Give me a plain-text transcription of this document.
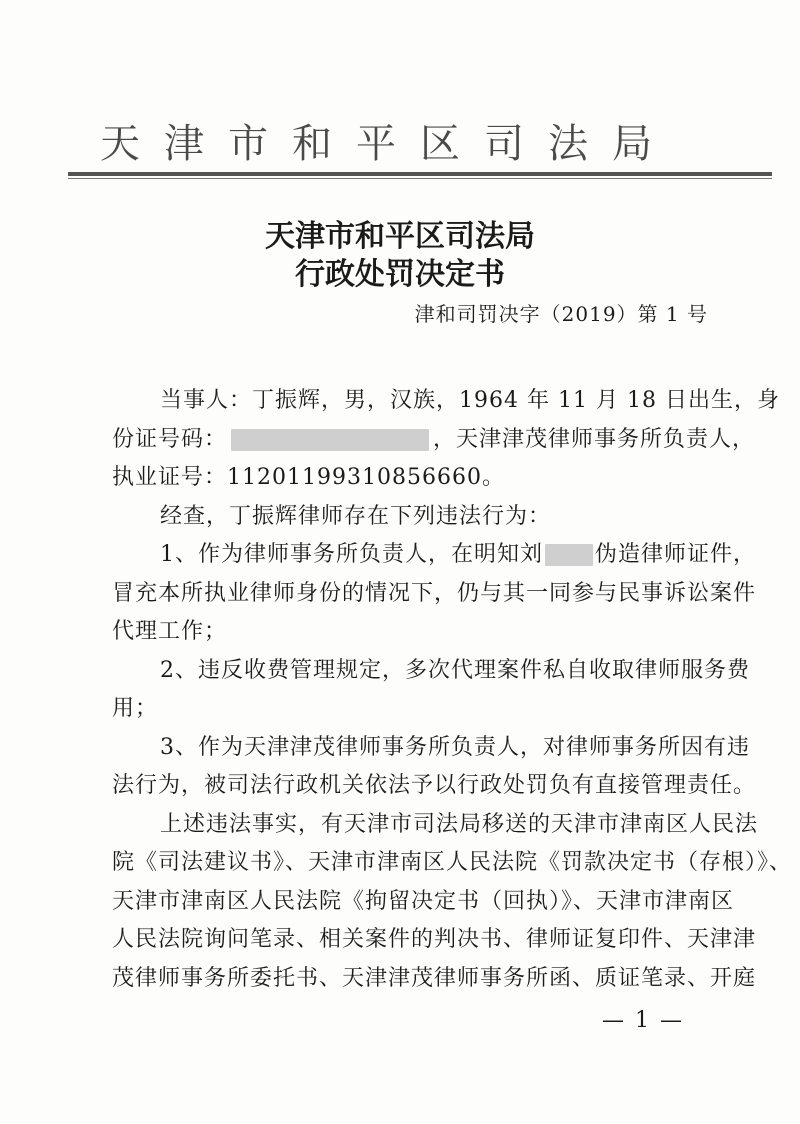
天津市和平区司法局
天津市和平区司法局
行政处罚决定书
津和司罚决字（2019）第 1 号

当事人：丁振辉，男，汉族，1964 年 11 月 18 日出生，身
份证号码：	，天津津茂律师事务所负责人，
执业证号：11201199310856660。

经查，丁振辉律师存在下列违法行为：

1、作为律师事务所负责人，在明知刘 伪造律师证件，
冒充本所执业律师身份的情况下，仍与其一同参与民事诉讼案件
代理工作；

2、违反收费管理规定，多次代理案件私自收取律师服务费
用；

3、作为天津津茂律师事务所负责人，对律师事务所因有违
法行为，被司法行政机关依法予以行政处罚负有直接管理责任。

上述违法事实，有天津市司法局移送的天津市津南区人民法
院《司法建议书》、天津市津南区人民法院《罚款决定书（存根）》、
天津市津南区人民法院《拘留决定书（回执）》、天津市津南区
人民法院询问笔录、相关案件的判决书、律师证复印件、天津津
茂律师事务所委托书、天津津茂律师事务所函、质证笔录、开庭

— 1 —
